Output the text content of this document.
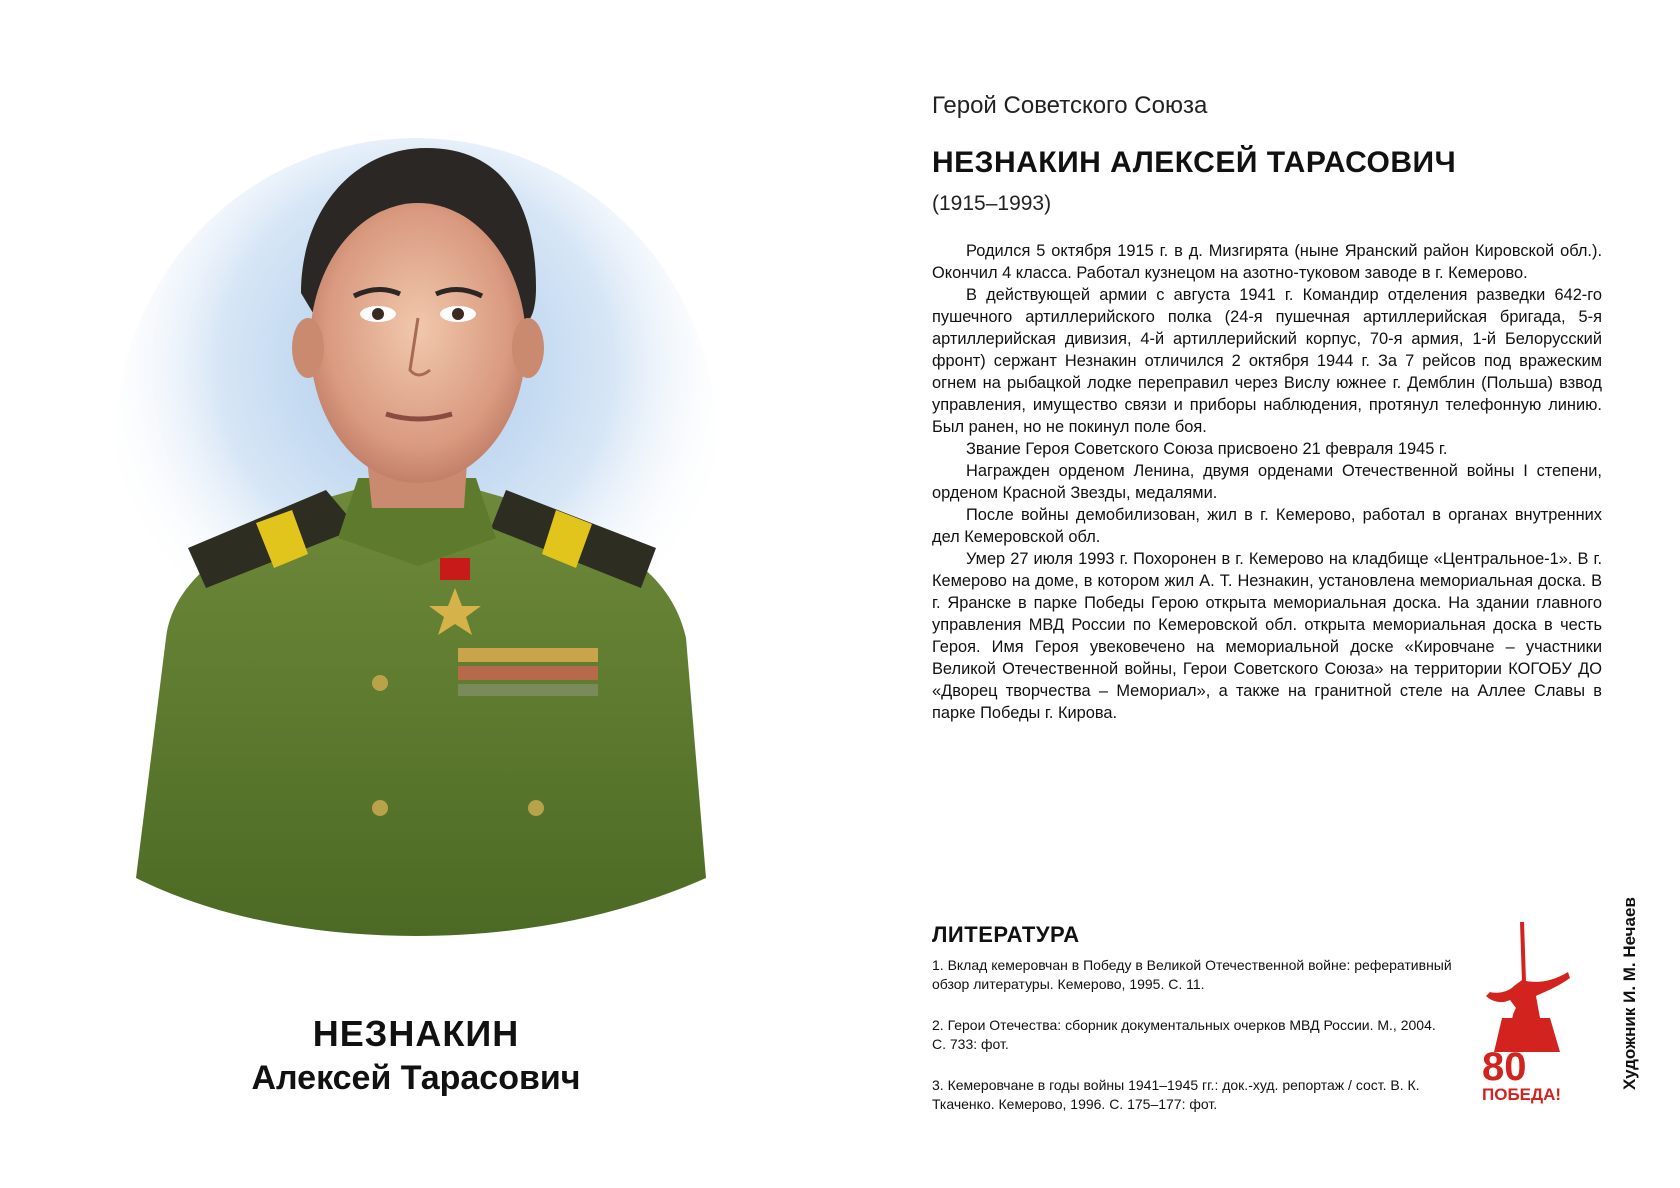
НЕЗНАКИН
Алексей Тарасович
Герой Советского Союза
НЕЗНАКИН АЛЕКСЕЙ ТАРАСОВИЧ
(1915–1993)

Родился 5 октября 1915 г. в д. Мизгирята (ныне Яранский район Кировской обл.). Окончил 4 класса. Работал кузнецом на азотно-туковом заводе в г. Кемерово.

В действующей армии с августа 1941 г. Командир отделения разведки 642-го пушечного артиллерийского полка (24-я пушечная артиллерийская бригада, 5-я артиллерийская дивизия, 4-й артиллерийский корпус, 70-я армия, 1-й Белорусский фронт) сержант Незнакин отличился 2 октября 1944 г. За 7 рейсов под вражеским огнем на рыбацкой лодке переправил через Вислу южнее г. Демблин (Польша) взвод управления, имущество связи и приборы наблюдения, протянул телефонную линию. Был ранен, но не покинул поле боя.

Звание Героя Советского Союза присвоено 21 февраля 1945 г.

Награжден орденом Ленина, двумя орденами Отечественной войны I степени, орденом Красной Звезды, медалями.

После войны демобилизован, жил в г. Кемерово, работал в органах внутренних дел Кемеровской обл.

Умер 27 июля 1993 г. Похоронен в г. Кемерово на кладбище «Центральное-1». В г. Кемерово на доме, в котором жил А. Т. Незнакин, установлена мемориальная доска. В г. Яранске в парке Победы Герою открыта мемориальная доска. На здании главного управления МВД России по Кемеровской обл. открыта мемориальная доска в честь Героя. Имя Героя увековечено на мемориальной доске «Кировчане – участники Великой Отечественной войны, Герои Советского Союза» на территории КОГОБУ ДО «Дворец творчества – Мемориал», а также на гранитной стеле на Аллее Славы в парке Победы г. Кирова.

ЛИТЕРАТУРА

1. Вклад кемеровчан в Победу в Великой Отечественной войне: реферативный обзор литературы. Кемерово, 1995. С. 11.

2. Герои Отечества: сборник документальных очерков МВД России. М., 2004. С. 733: фот.

3. Кемеровчане в годы войны 1941–1945 гг.: док.-худ. репортаж / сост. В. К. Ткаченко. Кемерово, 1996. С. 175–177: фот.

80
ПОБЕДА!
Художник И. М. Нечаев
